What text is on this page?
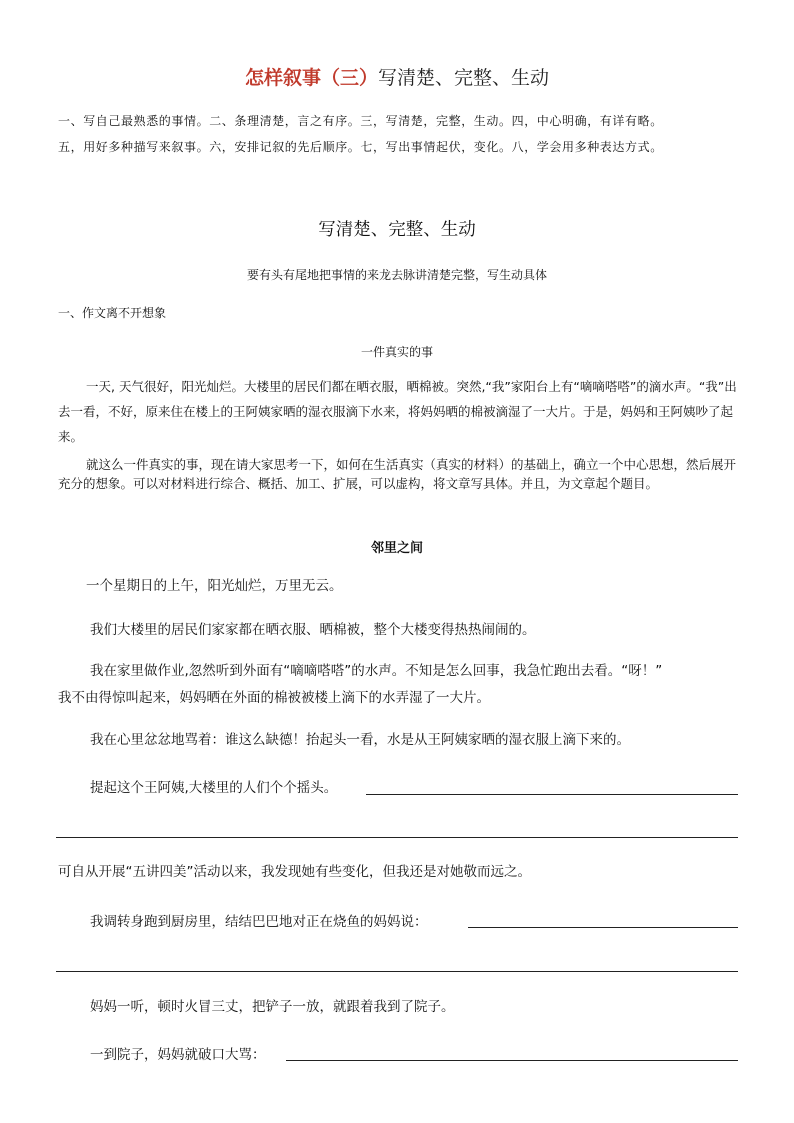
怎样叙事（三）写清楚、完整、生动
一、写自己最熟悉的事情。二、条理清楚，言之有序。三，写清楚，完整，生动。四，中心明确，有详有略。
五，用好多种描写来叙事。六，安排记叙的先后顺序。七，写出事情起伏，变化。八，学会用多种表达方式。
写清楚、完整、生动
要有头有尾地把事情的来龙去脉讲清楚完整，写生动具体
一、作文离不开想象
一件真实的事
一天, 天气很好，阳光灿烂。大楼里的居民们都在晒衣服，晒棉被。突然,“我”家阳台上有“嘀嘀嗒嗒”的滴水声。“我”出去一看，不好，原来住在楼上的王阿姨家晒的湿衣服滴下水来，将妈妈晒的棉被滴湿了一大片。于是，妈妈和王阿姨吵了起来。
就这么一件真实的事，现在请大家思考一下，如何在生活真实（真实的材料）的基础上，确立一个中心思想，然后展开充分的想象。可以对材料进行综合、概括、加工、扩展，可以虚构，将文章写具体。并且，为文章起个题目。
邻里之间
一个星期日的上午，阳光灿烂，万里无云。
我们大楼里的居民们家家都在晒衣服、晒棉被，整个大楼变得热热闹闹的。
我在家里做作业,忽然听到外面有“嘀嘀嗒嗒”的水声。不知是怎么回事，我急忙跑出去看。“呀！”
我不由得惊叫起来，妈妈晒在外面的棉被被楼上滴下的水弄湿了一大片。
我在心里忿忿地骂着：谁这么缺德！抬起头一看，水是从王阿姨家晒的湿衣服上滴下来的。
提起这个王阿姨,大楼里的人们个个摇头。
可自从开展“五讲四美”活动以来，我发现她有些变化，但我还是对她敬而远之。
我调转身跑到厨房里，结结巴巴地对正在烧鱼的妈妈说：
妈妈一听，顿时火冒三丈，把铲子一放，就跟着我到了院子。
一到院子，妈妈就破口大骂：
